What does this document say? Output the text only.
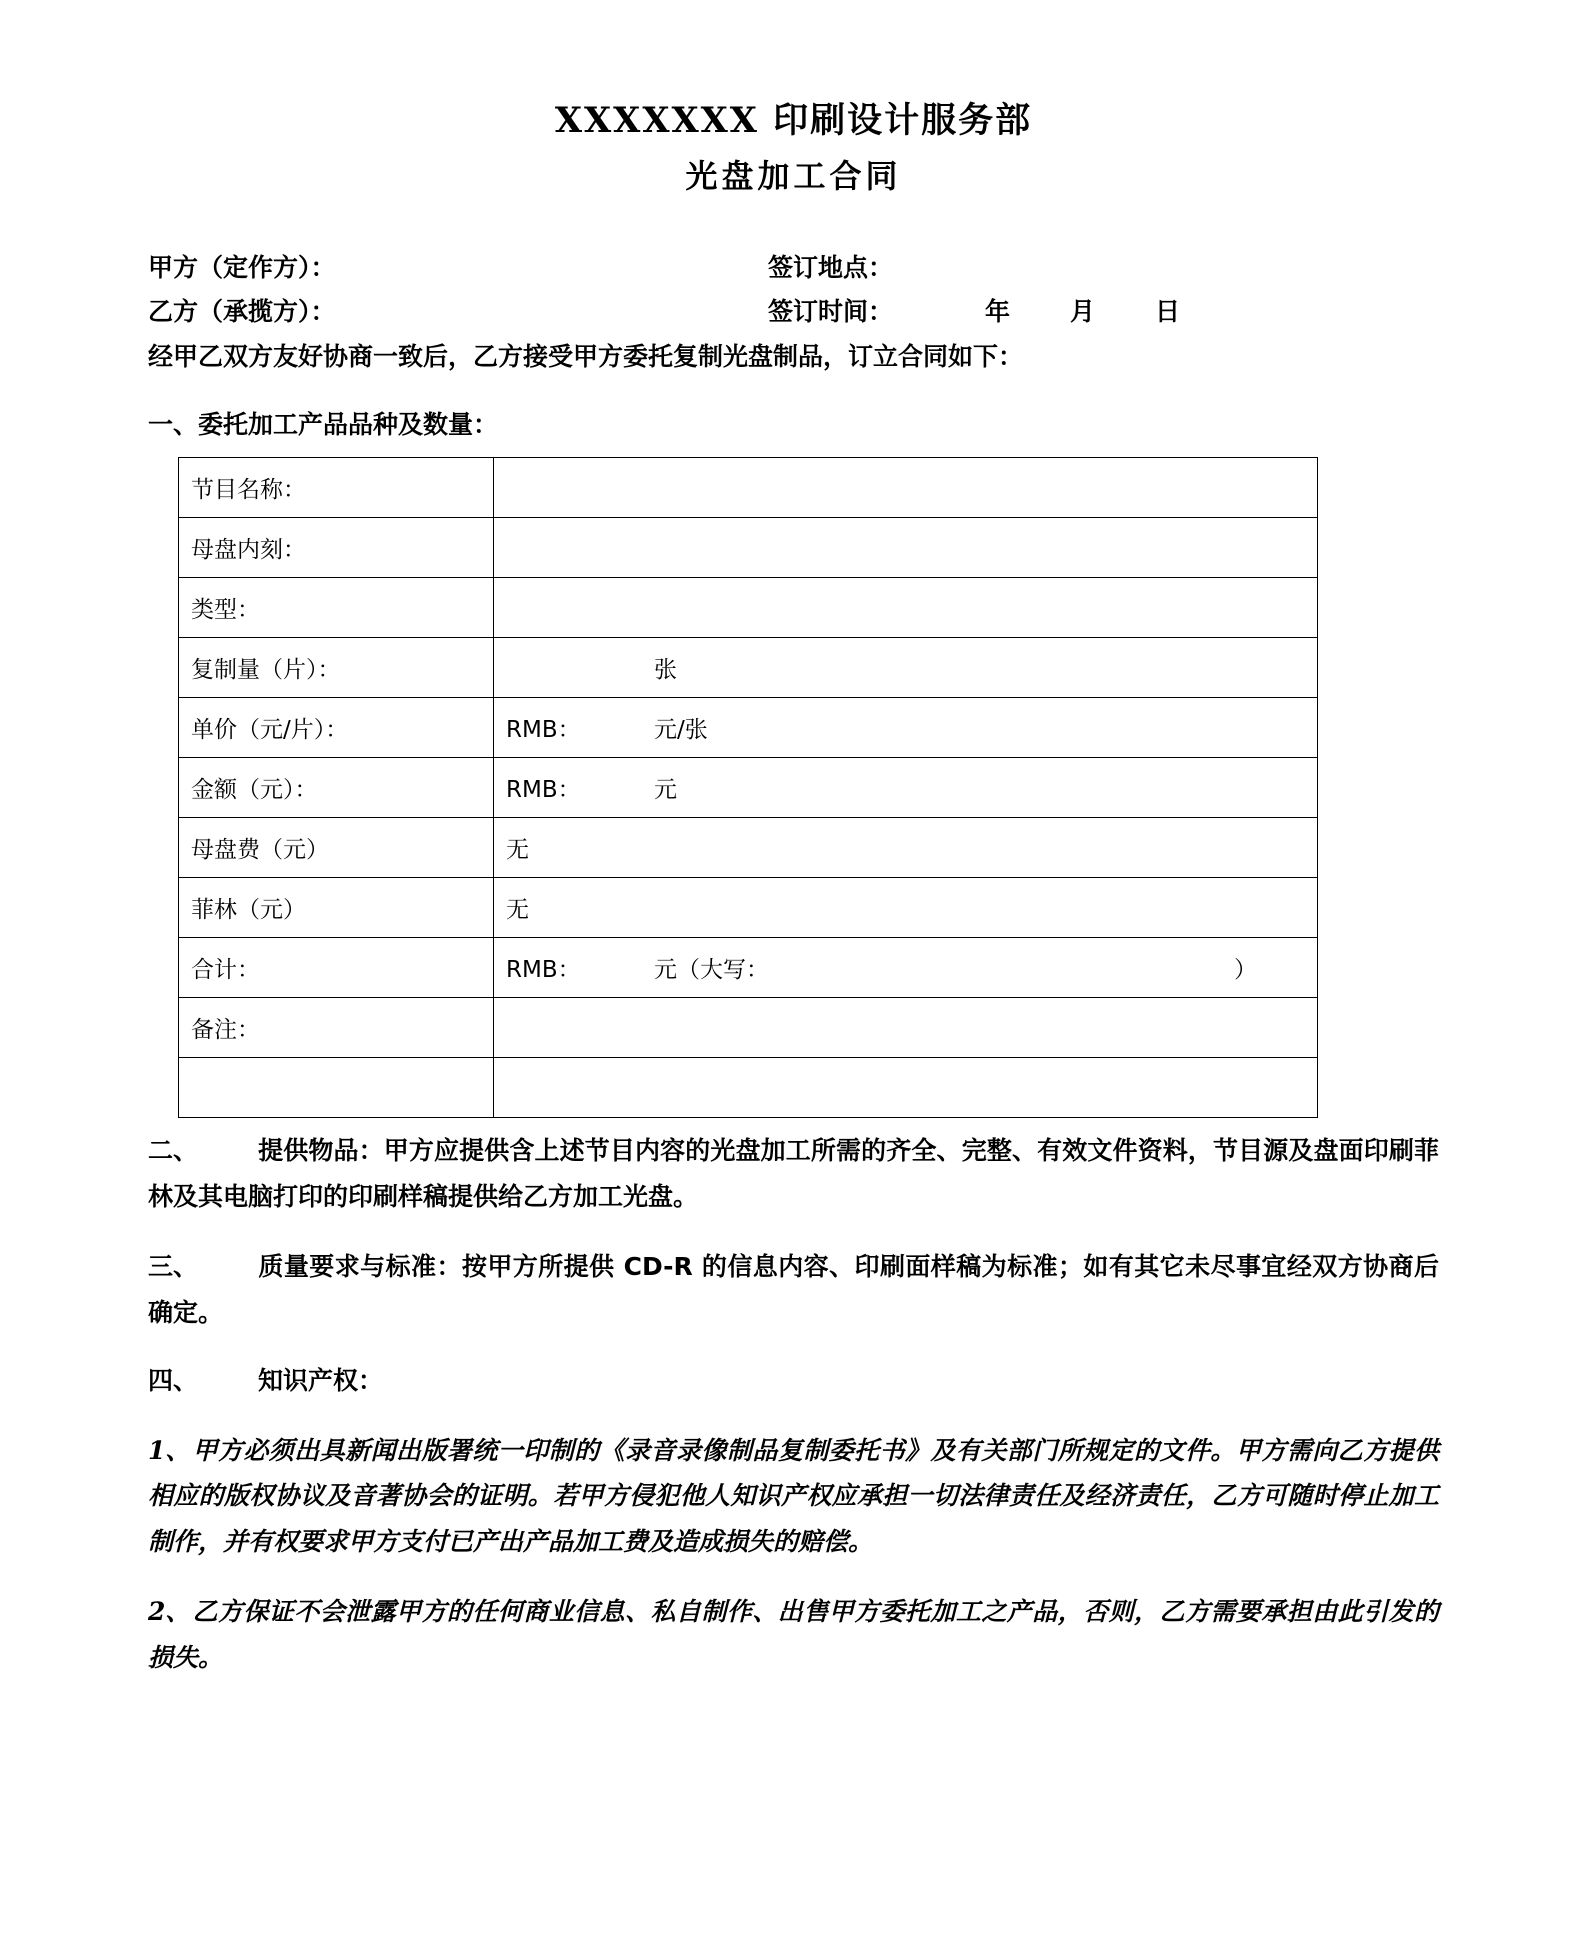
XXXXXXX 印刷设计服务部
光盘加工合同
甲方（定作方）：	签订地点：
乙方（承揽方）：	签订时间：	年 月 日
经甲乙双方友好协商一致后，乙方接受甲方委托复制光盘制品，订立合同如下：
一、委托加工产品品种及数量：
节目名称：	
母盘内刻：	
类型：	
复制量（片）：	张
单价（元/片）：	RMB： 元/张
金额（元）：	RMB： 元
母盘费（元）	无
菲林（元）	无
合计：	RMB： 元（大写： ）

备注：	

二、 提供物品：甲方应提供含上述节目内容的光盘加工所需的齐全、完整、有效文件资料，节目源及盘面印刷菲林及其电脑打印的印刷样稿提供给乙方加工光盘。

三、 质量要求与标准：按甲方所提供 CD-R 的信息内容、印刷面样稿为标准；如有其它未尽事宜经双方协商后确定。

四、 知识产权：

1、甲方必须出具新闻出版署统一印制的《录音录像制品复制委托书》及有关部门所规定的文件。甲方需向乙方提供相应的版权协议及音著协会的证明。若甲方侵犯他人知识产权应承担一切法律责任及经济责任，乙方可随时停止加工制作，并有权要求甲方支付已产出产品加工费及造成损失的赔偿。

2、乙方保证不会泄露甲方的任何商业信息、私自制作、出售甲方委托加工之产品，否则，乙方需要承担由此引发的损失。
